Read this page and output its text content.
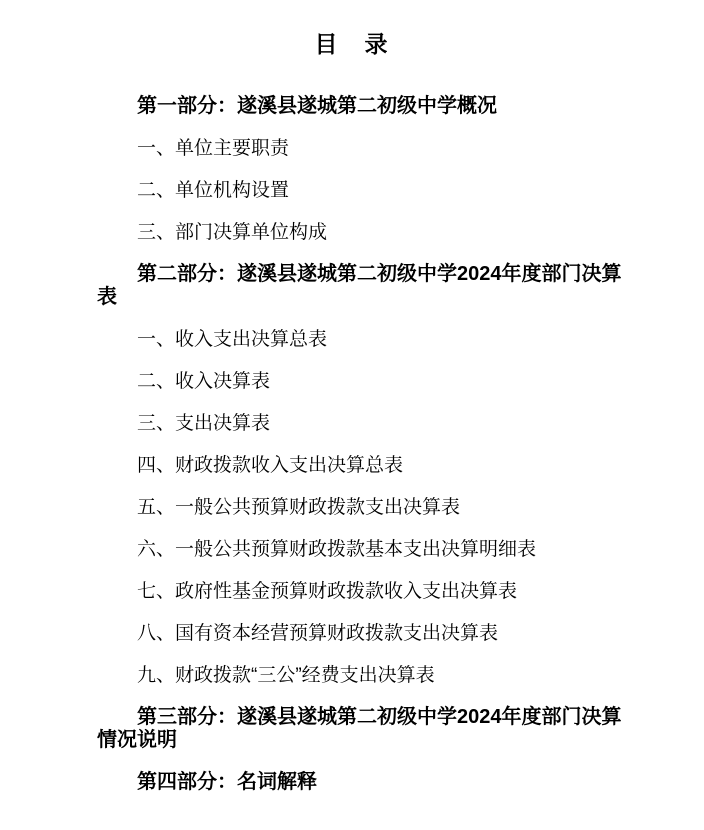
目　录

第一部分：遂溪县遂城第二初级中学概况

一、单位主要职责

二、单位机构设置

三、部门决算单位构成

第二部分：遂溪县遂城第二初级中学2024年度部门决算表

一、收入支出决算总表

二、收入决算表

三、支出决算表

四、财政拨款收入支出决算总表

五、一般公共预算财政拨款支出决算表

六、一般公共预算财政拨款基本支出决算明细表

七、政府性基金预算财政拨款收入支出决算表

八、国有资本经营预算财政拨款支出决算表

九、财政拨款“三公”经费支出决算表

第三部分：遂溪县遂城第二初级中学2024年度部门决算情况说明

第四部分：名词解释
